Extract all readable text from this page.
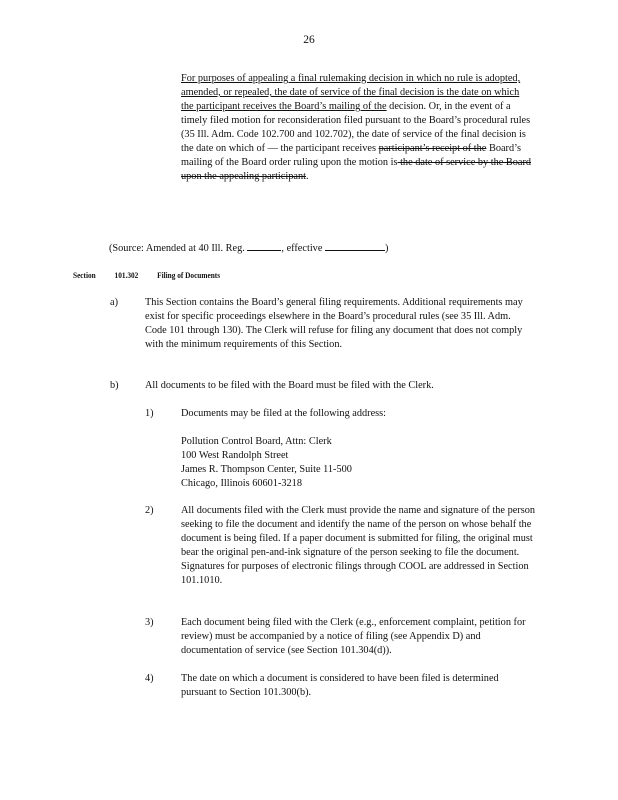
26
For purposes of appealing a final rulemaking decision in which no rule is adopted, amended, or repealed, the date of service of the final decision is the date on which the participant receives the Board’s mailing of the decision. Or, in the event of a timely filed motion for reconsideration filed pursuant to the Board’s procedural rules (35 Ill. Adm. Code 102.700 and 102.702), the date of service of the final decision is the date on which of — the participant receives participant’s receipt of the Board’s mailing of the Board order ruling upon the motion is the date of service by the Board upon the appealing participant.
(Source: Amended at 40 Ill. Reg.	, effective	)
Section 101.302 Filing of Documents
a)	This Section contains the Board’s general filing requirements. Additional requirements may exist for specific proceedings elsewhere in the Board’s procedural rules (see 35 Ill. Adm. Code 101 through 130). The Clerk will refuse for filing any document that does not comply with the minimum requirements of this Section.
b)	All documents to be filed with the Board must be filed with the Clerk.
1)	Documents may be filed at the following address:
Pollution Control Board, Attn: Clerk
100 West Randolph Street
James R. Thompson Center, Suite 11-500
Chicago, Illinois 60601-3218
2)	All documents filed with the Clerk must provide the name and signature of the person seeking to file the document and identify the name of the person on whose behalf the document is being filed. If a paper document is submitted for filing, the original must bear the original pen-and-ink signature of the person seeking to file the document. Signatures for purposes of electronic filings through COOL are addressed in Section 101.1010.
3)	Each document being filed with the Clerk (e.g., enforcement complaint, petition for review) must be accompanied by a notice of filing (see Appendix D) and documentation of service (see Section 101.304(d)).
4)	The date on which a document is considered to have been filed is determined pursuant to Section 101.300(b).
